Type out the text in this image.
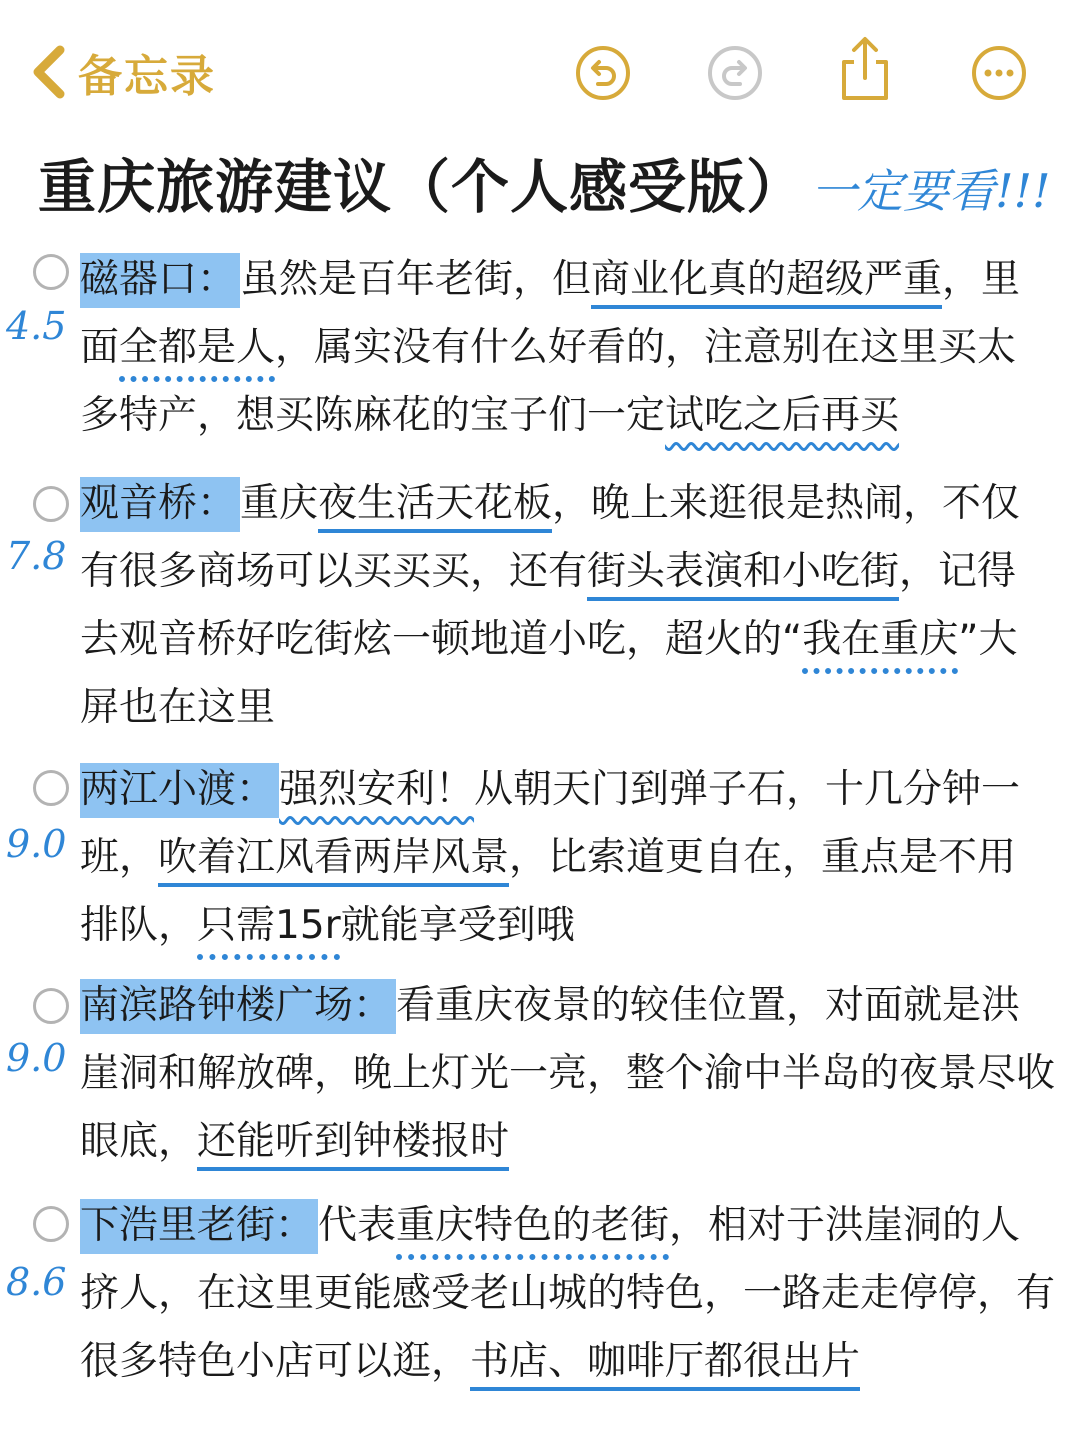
备忘录
重庆旅游建议（个人感受版） 一定要看!!!
4.5
磁器口： 虽然是百年老街，但商业化真的超级严重，里面全都是人，属实没有什么好看的，注意别在这里买太多特产，想买陈麻花的宝子们一定试吃之后再买
7.8
观音桥： 重庆夜生活天花板，晚上来逛很是热闹，不仅有很多商场可以买买买，还有街头表演和小吃街，记得去观音桥好吃街炫一顿地道小吃，超火的“我在重庆”大屏也在这里
9.0
两江小渡： 强烈安利！从朝天门到弹子石，十几分钟一班，吹着江风看两岸风景，比索道更自在，重点是不用排队，只需15r就能享受到哦
9.0
南滨路钟楼广场： 看重庆夜景的较佳位置，对面就是洪崖洞和解放碑，晚上灯光一亮，整个渝中半岛的夜景尽收眼底，还能听到钟楼报时
8.6
下浩里老街： 代表重庆特色的老街，相对于洪崖洞的人挤人，在这里更能感受老山城的特色，一路走走停停，有很多特色小店可以逛，书店、咖啡厅都很出片
